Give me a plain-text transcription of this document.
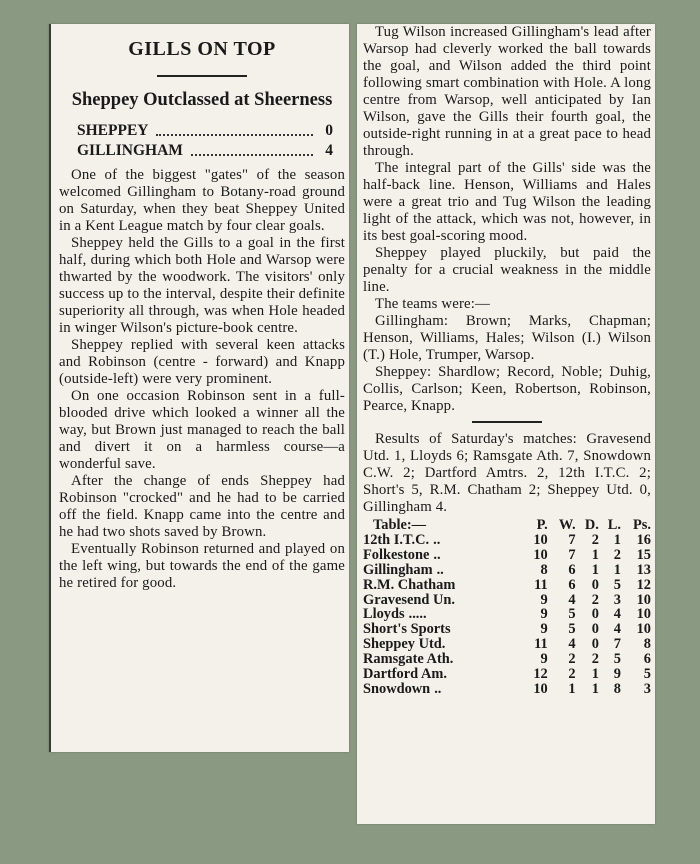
GILLS ON TOP
Sheppey Outclassed at Sheerness
SHEPPEY	0
GILLINGHAM	4

One of the biggest "gates" of the season welcomed Gillingham to Botany-road ground on Saturday, when they beat Sheppey United in a Kent League match by four clear goals.

Sheppey held the Gills to a goal in the first half, during which both Hole and Warsop were thwarted by the woodwork. The visitors' only success up to the interval, despite their definite superiority all through, was when Hole headed in winger Wilson's picture-book centre.

Sheppey replied with several keen attacks and Robinson (centre - forward) and Knapp (outside-left) were very prominent.

On one occasion Robinson sent in a full-blooded drive which looked a winner all the way, but Brown just managed to reach the ball and divert it on a harmless course—a wonderful save.

After the change of ends Sheppey had Robinson "crocked" and he had to be carried off the field. Knapp came into the centre and he had two shots saved by Brown.

Eventually Robinson returned and played on the left wing, but towards the end of the game he retired for good.

Tug Wilson increased Gillingham's lead after Warsop had cleverly worked the ball towards the goal, and Wilson added the third point following smart combination with Hole. A long centre from Warsop, well anticipated by Ian Wilson, gave the Gills their fourth goal, the outside-right running in at a great pace to head through.

The integral part of the Gills' side was the half-back line. Henson, Williams and Hales were a great trio and Tug Wilson the leading light of the attack, which was not, however, in its best goal-scoring mood.

Sheppey played pluckily, but paid the penalty for a crucial weakness in the middle line.

The teams were:—

Gillingham: Brown; Marks, Chapman; Henson, Williams, Hales; Wilson (I.) Wilson (T.) Hole, Trumper, Warsop.

Sheppey: Shardlow; Record, Noble; Duhig, Collis, Carlson; Keen, Robertson, Robinson, Pearce, Knapp.

Results of Saturday's matches: Gravesend Utd. 1, Lloyds 6; Ramsgate Ath. 7, Snowdown C.W. 2; Dartford Amtrs. 2, 12th I.T.C. 2; Short's 5, R.M. Chatham 2; Sheppey Utd. 0, Gillingham 4.

Table:—	P.	W.	D.	L.	Ps.
12th I.T.C. ..	10	7	2	1	16
Folkestone ..	10	7	1	2	15
Gillingham ..	8	6	1	1	13
R.M. Chatham	11	6	0	5	12
Gravesend Un.	9	4	2	3	10
Lloyds .....	9	5	0	4	10
Short's Sports	9	5	0	4	10
Sheppey Utd.	11	4	0	7	8
Ramsgate Ath.	9	2	2	5	6
Dartford Am.	12	2	1	9	5
Snowdown ..	10	1	1	8	3
